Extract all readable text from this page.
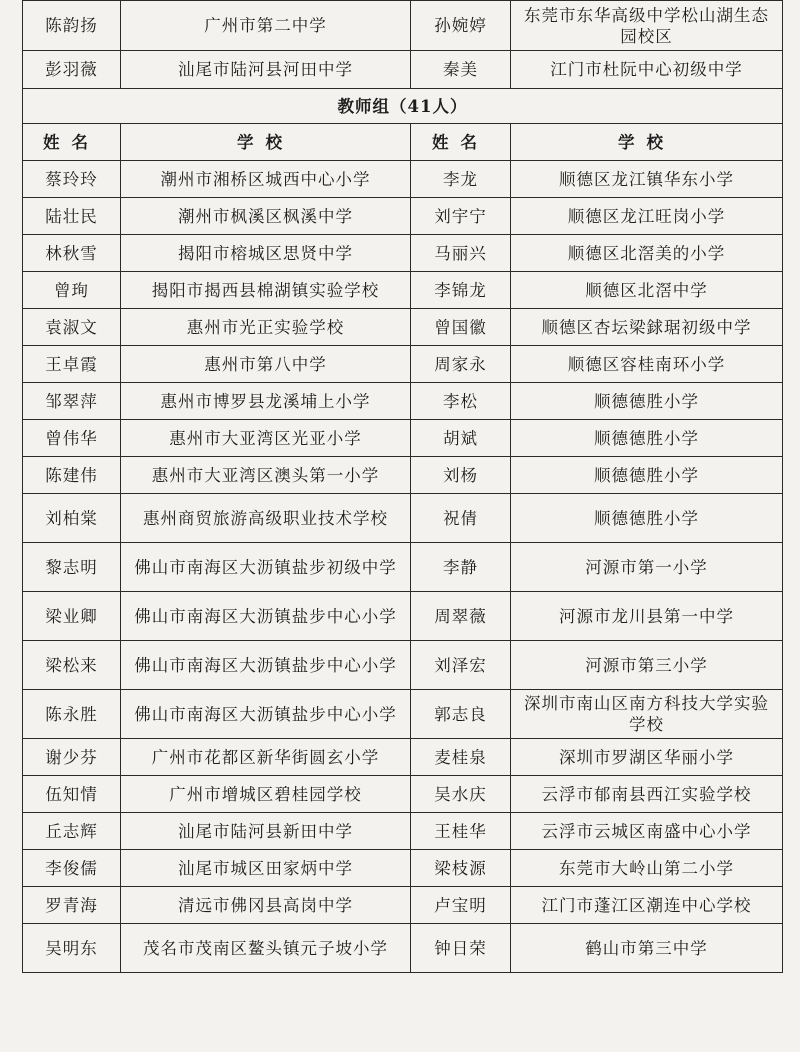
陈韵扬	广州市第二中学	孙婉婷	东莞市东华高级中学松山湖生态园校区
彭羽薇	汕尾市陆河县河田中学	秦美	江门市杜阮中心初级中学
教师组（41人）			
姓名	学校	姓名	学校
蔡玲玲	潮州市湘桥区城西中心小学	李龙	顺德区龙江镇华东小学
陆壮民	潮州市枫溪区枫溪中学	刘宇宁	顺德区龙江旺岗小学
林秋雪	揭阳市榕城区思贤中学	马丽兴	顺德区北滘美的小学
曾珣	揭阳市揭西县棉湖镇实验学校	李锦龙	顺德区北滘中学
袁淑文	惠州市光正实验学校	曾国徽	顺德区杏坛梁銶琚初级中学
王卓霞	惠州市第八中学	周家永	顺德区容桂南环小学
邹翠萍	惠州市博罗县龙溪埔上小学	李松	顺德德胜小学
曾伟华	惠州市大亚湾区光亚小学	胡斌	顺德德胜小学
陈建伟	惠州市大亚湾区澳头第一小学	刘杨	顺德德胜小学
刘柏棠	惠州商贸旅游高级职业技术学校	祝倩	顺德德胜小学
黎志明	佛山市南海区大沥镇盐步初级中学	李静	河源市第一小学
梁业卿	佛山市南海区大沥镇盐步中心小学	周翠薇	河源市龙川县第一中学
梁松来	佛山市南海区大沥镇盐步中心小学	刘泽宏	河源市第三小学
陈永胜	佛山市南海区大沥镇盐步中心小学	郭志良	深圳市南山区南方科技大学实验学校
谢少芬	广州市花都区新华街圆玄小学	麦桂泉	深圳市罗湖区华丽小学
伍知情	广州市增城区碧桂园学校	吴水庆	云浮市郁南县西江实验学校
丘志辉	汕尾市陆河县新田中学	王桂华	云浮市云城区南盛中心小学
李俊儒	汕尾市城区田家炳中学	梁枝源	东莞市大岭山第二小学
罗青海	清远市佛冈县高岗中学	卢宝明	江门市蓬江区潮连中心学校
吴明东	茂名市茂南区鳌头镇元子坡小学	钟日荣	鹤山市第三中学
